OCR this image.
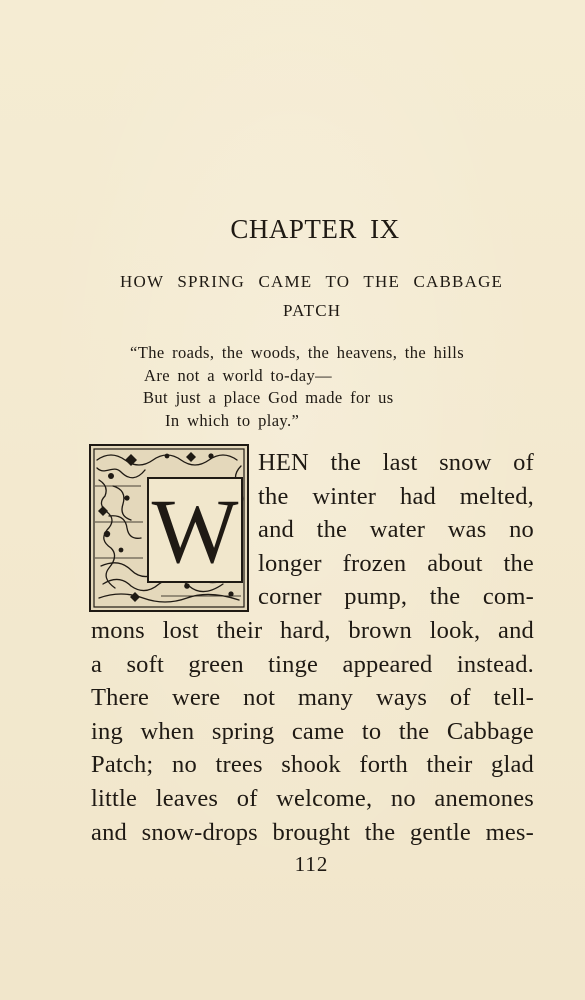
CHAPTER IX
HOW SPRING CAME TO THE CABBAGE
PATCH
“The roads, the woods, the heavens, the hills
Are not a world to-day—
But just a place God made for us
In which to play.”
W
HEN the last snow of
the winter had melted,
and the water was no
longer frozen about the
corner pump, the com-
mons lost their hard, brown look, and
a soft green tinge appeared instead.
There were not many ways of tell-
ing when spring came to the Cabbage
Patch; no trees shook forth their glad
little leaves of welcome, no anemones
and snow-drops brought the gentle mes-
112
